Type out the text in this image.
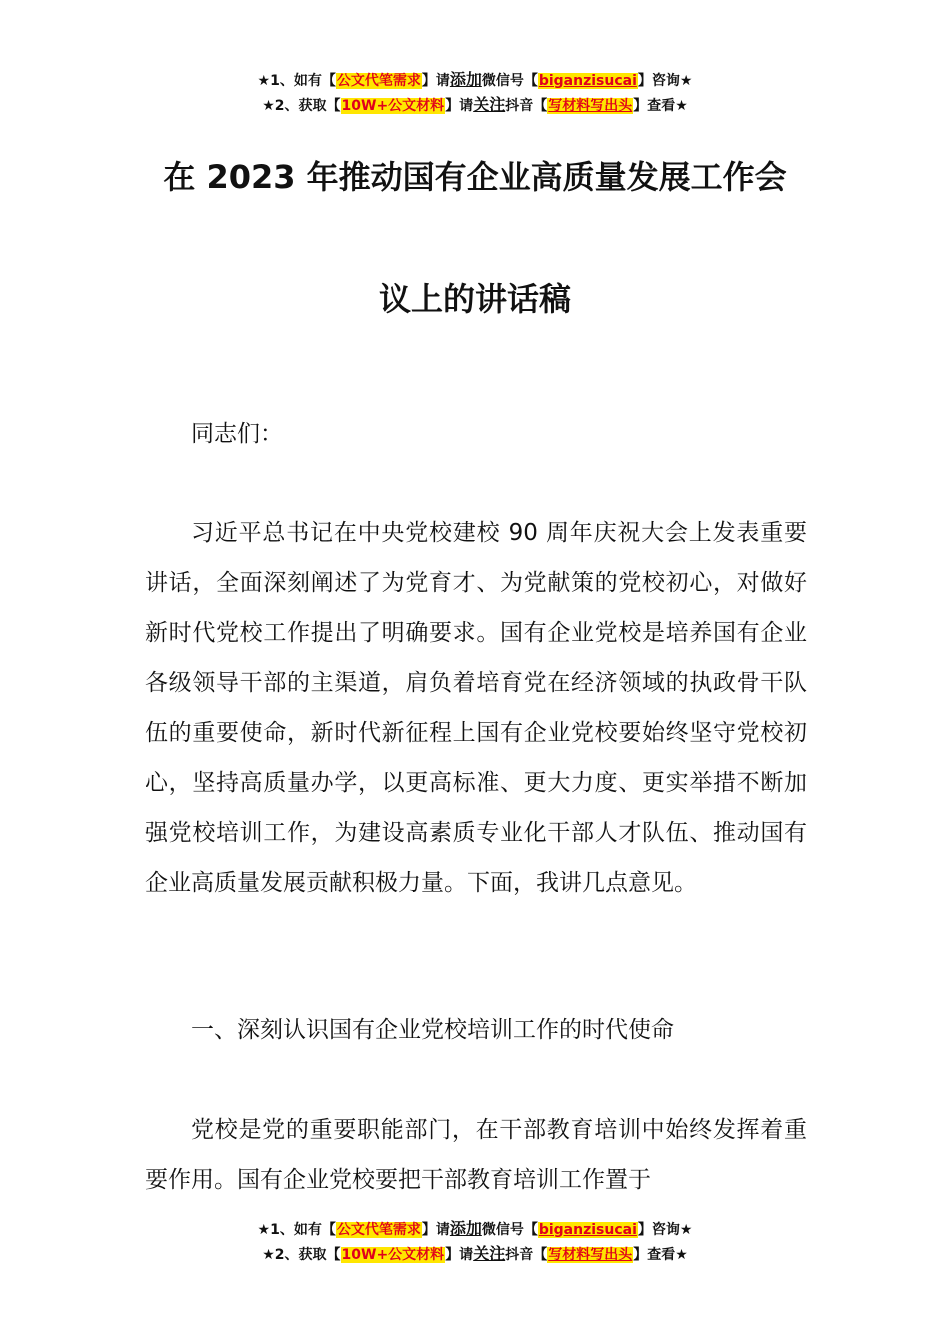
★1、如有【公文代笔需求】请添加微信号【biganzisucai】咨询★
★2、获取【10W+公文材料】请关注抖音【写材料写出头】查看★
在 2023 年推动国有企业高质量发展工作会
议上的讲话稿
同志们：
习近平总书记在中央党校建校 90 周年庆祝大会上发表重要讲话，全面深刻阐述了为党育才、为党献策的党校初心，对做好新时代党校工作提出了明确要求。国有企业党校是培养国有企业各级领导干部的主渠道，肩负着培育党在经济领域的执政骨干队伍的重要使命，新时代新征程上国有企业党校要始终坚守党校初心，坚持高质量办学，以更高标准、更大力度、更实举措不断加强党校培训工作，为建设高素质专业化干部人才队伍、推动国有企业高质量发展贡献积极力量。下面，我讲几点意见。
一、深刻认识国有企业党校培训工作的时代使命
党校是党的重要职能部门，在干部教育培训中始终发挥着重要作用。国有企业党校要把干部教育培训工作置于
★1、如有【公文代笔需求】请添加微信号【biganzisucai】咨询★
★2、获取【10W+公文材料】请关注抖音【写材料写出头】查看★
